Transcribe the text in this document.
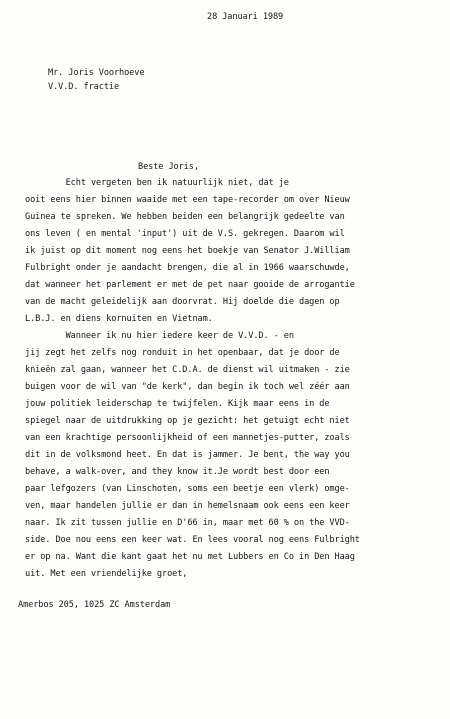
28 Januari 1989
Mr. Joris Voorhoeve
V.V.D. fractie
Beste Joris,
Echt vergeten ben ik natuurlijk niet, dat je
ooit eens hier binnen waaide met een tape-recorder om over Nieuw
Guinea te spreken. We hebben beiden een belangrijk gedeelte van
ons leven ( en mental 'input') uit de V.S. gekregen. Daarom wil
ik juist op dit moment nog eens het boekje van Senator J.William
Fulbright onder je aandacht brengen, die al in 1966 waarschuwde,
dat wanneer het parlement er met de pet naar gooide de arrogantie
van de macht geleidelijk aan doorvrat. Hij doelde die dagen op
L.B.J. en diens kornuiten en Vietnam.
Wanneer ik nu hier iedere keer de V.V.D. - en
jij zegt het zelfs nog ronduit in het openbaar, dat je door de
knieën zal gaan, wanneer het C.D.A. de dienst wil uitmaken - zie
buigen voor de wil van "de kerk", dan begin ik toch wel zéér aan
jouw politiek leiderschap te twijfelen. Kijk maar eens in de
spiegel naar de uitdrukking op je gezicht: het getuigt echt niet
van een krachtige persoonlijkheid of een mannetjes-putter, zoals
dit in de volksmond heet. En dat is jammer. Je bent, the way you
behave, a walk-over, and they know it.Je wordt best door een
paar lefgozers (van Linschoten, soms een beetje een vlerk) omge-
ven, maar handelen jullie er dan in hemelsnaam ook eens een keer
naar. Ik zit tussen jullie en D'66 in, maar met 60 % on the VVD-
side. Doe nou eens een keer wat. En lees vooral nog eens Fulbright
er op na. Want die kant gaat het nu met Lubbers en Co in Den Haag
uit. Met een vriendelijke groet,
Amerbos 205, 1025 ZC Amsterdam
